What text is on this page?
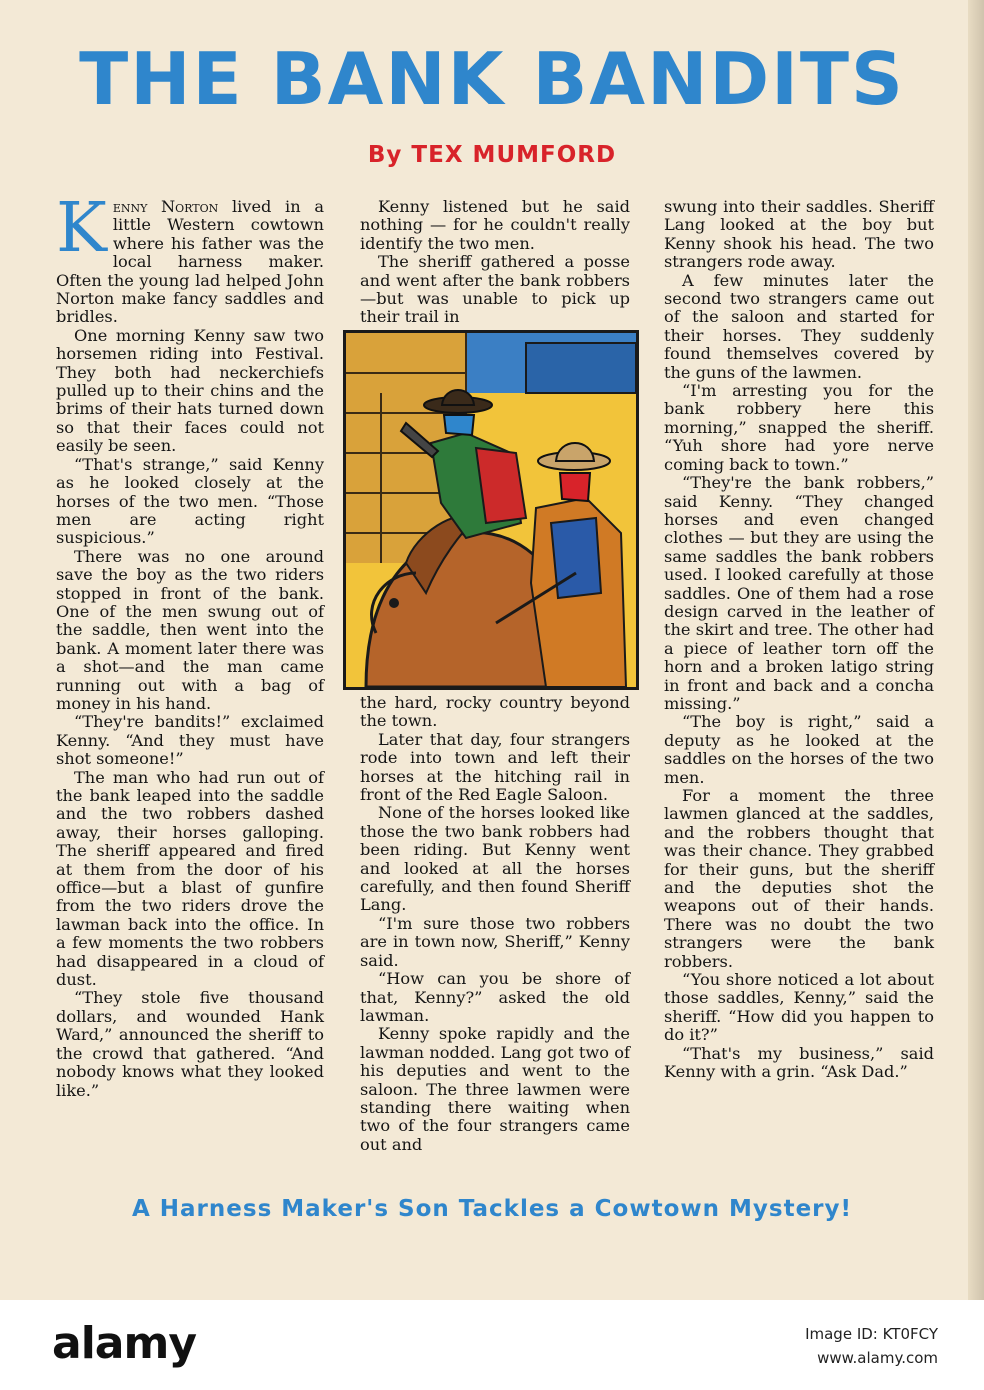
THE BANK BANDITS
By TEX MUMFORD

Kenny Norton lived in a little Western cowtown where his father was the local harness maker. Often the young lad helped John Norton make fancy saddles and bridles.

One morning Kenny saw two horsemen riding into Festival. They both had neckerchiefs pulled up to their chins and the brims of their hats turned down so that their faces could not easily be seen.

“That's strange,” said Kenny as he looked closely at the horses of the two men. “Those men are acting right suspicious.”

There was no one around save the boy as the two riders stopped in front of the bank. One of the men swung out of the saddle, then went into the bank. A moment later there was a shot—and the man came running out with a bag of money in his hand.

“They're bandits!” exclaimed Kenny. “And they must have shot someone!”

The man who had run out of the bank leaped into the saddle and the two robbers dashed away, their horses galloping. The sheriff appeared and fired at them from the door of his office—but a blast of gunfire from the two riders drove the lawman back into the office. In a few moments the two robbers had disappeared in a cloud of dust.

“They stole five thousand dollars, and wounded Hank Ward,” announced the sheriff to the crowd that gathered. “And nobody knows what they looked like.”

Kenny listened but he said nothing — for he couldn't really identify the two men.

The sheriff gathered a posse and went after the bank robbers—but was unable to pick up their trail in

the hard, rocky country beyond the town.

Later that day, four strangers rode into town and left their horses at the hitching rail in front of the Red Eagle Saloon.

None of the horses looked like those the two bank robbers had been riding. But Kenny went and looked at all the horses carefully, and then found Sheriff Lang.

“I'm sure those two robbers are in town now, Sheriff,” Kenny said.

“How can you be shore of that, Kenny?” asked the old lawman.

Kenny spoke rapidly and the lawman nodded. Lang got two of his deputies and went to the saloon. The three lawmen were standing there waiting when two of the four strangers came out and

swung into their saddles. Sheriff Lang looked at the boy but Kenny shook his head. The two strangers rode away.

A few minutes later the second two strangers came out of the saloon and started for their horses. They suddenly found themselves covered by the guns of the lawmen.

“I'm arresting you for the bank robbery here this morning,” snapped the sheriff. “Yuh shore had yore nerve coming back to town.”

“They're the bank robbers,” said Kenny. “They changed horses and even changed clothes — but they are using the same saddles the bank robbers used. I looked carefully at those saddles. One of them had a rose design carved in the leather of the skirt and tree. The other had a piece of leather torn off the horn and a broken latigo string in front and back and a concha missing.”

“The boy is right,” said a deputy as he looked at the saddles on the horses of the two men.

For a moment the three lawmen glanced at the saddles, and the robbers thought that was their chance. They grabbed for their guns, but the sheriff and the deputies shot the weapons out of their hands. There was no doubt the two strangers were the bank robbers.

“You shore noticed a lot about those saddles, Kenny,” said the sheriff. “How did you happen to do it?”

“That's my business,” said Kenny with a grin. “Ask Dad.”

A Harness Maker's Son Tackles a Cowtown Mystery!
alamy	Image ID: KT0FCY
www.alamy.com
